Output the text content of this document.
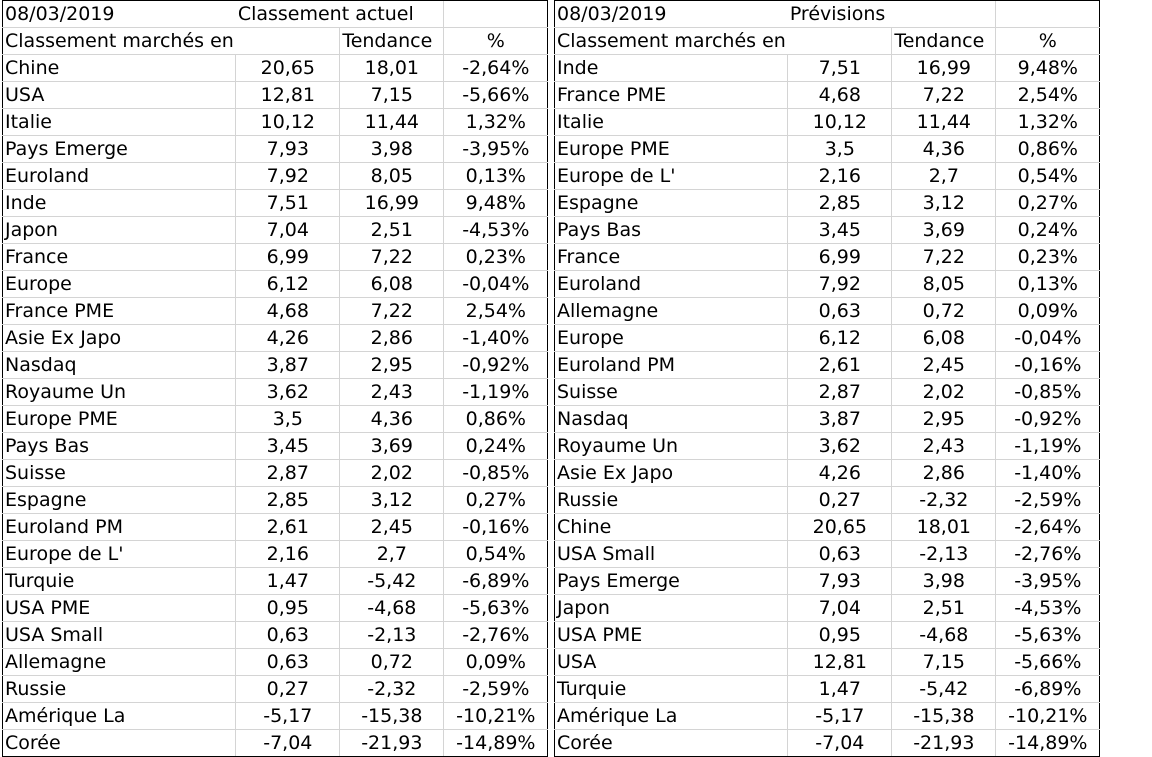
08/03/2019	Classement actuel		
Classement marchés en		Tendance	%
Chine	20,65	18,01	-2,64%
USA	12,81	7,15	-5,66%
Italie	10,12	11,44	1,32%
Pays Emerge	7,93	3,98	-3,95%
Euroland	7,92	8,05	0,13%
Inde	7,51	16,99	9,48%
Japon	7,04	2,51	-4,53%
France	6,99	7,22	0,23%
Europe	6,12	6,08	-0,04%
France PME	4,68	7,22	2,54%
Asie Ex Japo	4,26	2,86	-1,40%
Nasdaq	3,87	2,95	-0,92%
Royaume Un	3,62	2,43	-1,19%
Europe PME	3,5	4,36	0,86%
Pays Bas	3,45	3,69	0,24%
Suisse	2,87	2,02	-0,85%
Espagne	2,85	3,12	0,27%
Euroland PM	2,61	2,45	-0,16%
Europe de L'	2,16	2,7	0,54%
Turquie	1,47	-5,42	-6,89%
USA PME	0,95	-4,68	-5,63%
USA Small	0,63	-2,13	-2,76%
Allemagne	0,63	0,72	0,09%
Russie	0,27	-2,32	-2,59%
Amérique La	-5,17	-15,38	-10,21%
Corée	-7,04	-21,93	-14,89%
08/03/2019	Prévisions		
Classement marchés en		Tendance	%
Inde	7,51	16,99	9,48%
France PME	4,68	7,22	2,54%
Italie	10,12	11,44	1,32%
Europe PME	3,5	4,36	0,86%
Europe de L'	2,16	2,7	0,54%
Espagne	2,85	3,12	0,27%
Pays Bas	3,45	3,69	0,24%
France	6,99	7,22	0,23%
Euroland	7,92	8,05	0,13%
Allemagne	0,63	0,72	0,09%
Europe	6,12	6,08	-0,04%
Euroland PM	2,61	2,45	-0,16%
Suisse	2,87	2,02	-0,85%
Nasdaq	3,87	2,95	-0,92%
Royaume Un	3,62	2,43	-1,19%
Asie Ex Japo	4,26	2,86	-1,40%
Russie	0,27	-2,32	-2,59%
Chine	20,65	18,01	-2,64%
USA Small	0,63	-2,13	-2,76%
Pays Emerge	7,93	3,98	-3,95%
Japon	7,04	2,51	-4,53%
USA PME	0,95	-4,68	-5,63%
USA	12,81	7,15	-5,66%
Turquie	1,47	-5,42	-6,89%
Amérique La	-5,17	-15,38	-10,21%
Corée	-7,04	-21,93	-14,89%
